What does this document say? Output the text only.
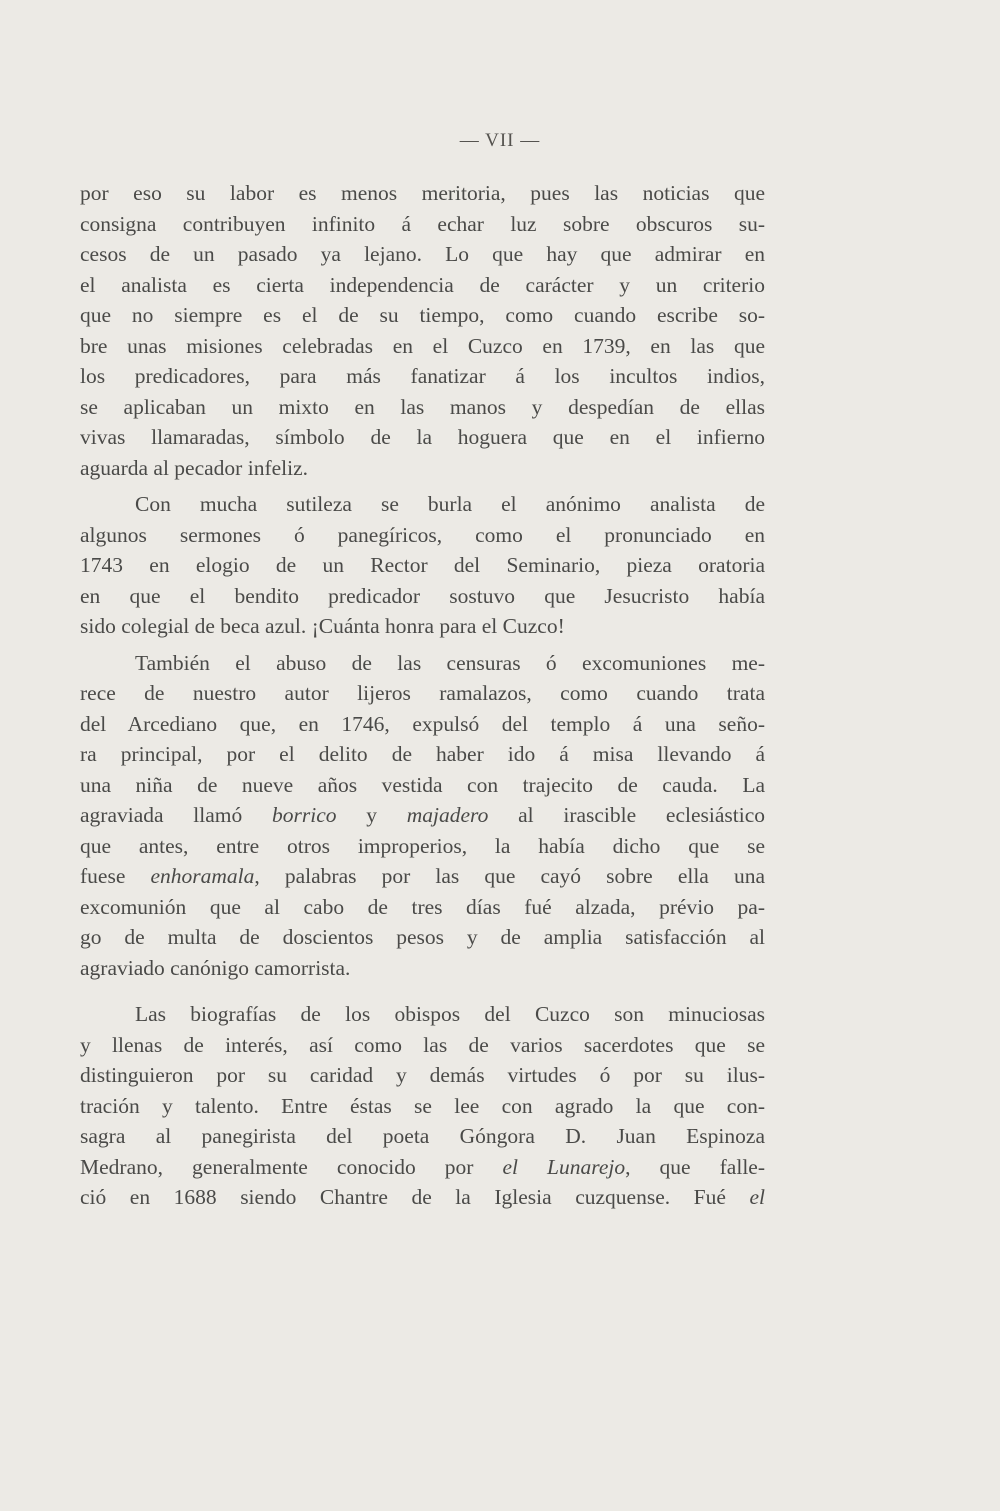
— VII —
por eso su labor es menos meritoria, pues las noticias que
consigna contribuyen infinito á echar luz sobre obscuros su-
cesos de un pasado ya lejano. Lo que hay que admirar en
el analista es cierta independencia de carácter y un criterio
que no siempre es el de su tiempo, como cuando escribe so-
bre unas misiones celebradas en el Cuzco en 1739, en las que
los predicadores, para más fanatizar á los incultos indios,
se aplicaban un mixto en las manos y despedían de ellas
vivas llamaradas, símbolo de la hoguera que en el infierno
aguarda al pecador infeliz.
Con mucha sutileza se burla el anónimo analista de
algunos sermones ó panegíricos, como el pronunciado en
1743 en elogio de un Rector del Seminario, pieza oratoria
en que el bendito predicador sostuvo que Jesucristo había
sido colegial de beca azul. ¡Cuánta honra para el Cuzco!
También el abuso de las censuras ó excomuniones me-
rece de nuestro autor lijeros ramalazos, como cuando trata
del Arcediano que, en 1746, expulsó del templo á una seño-
ra principal, por el delito de haber ido á misa llevando á
una niña de nueve años vestida con trajecito de cauda. La
agraviada llamó borrico y majadero al irascible eclesiástico
que antes, entre otros improperios, la había dicho que se
fuese enhoramala, palabras por las que cayó sobre ella una
excomunión que al cabo de tres días fué alzada, prévio pa-
go de multa de doscientos pesos y de amplia satisfacción al
agraviado canónigo camorrista.
Las biografías de los obispos del Cuzco son minuciosas
y llenas de interés, así como las de varios sacerdotes que se
distinguieron por su caridad y demás virtudes ó por su ilus-
tración y talento. Entre éstas se lee con agrado la que con-
sagra al panegirista del poeta Góngora D. Juan Espinoza
Medrano, generalmente conocido por el Lunarejo, que falle-
ció en 1688 siendo Chantre de la Iglesia cuzquense. Fué el
